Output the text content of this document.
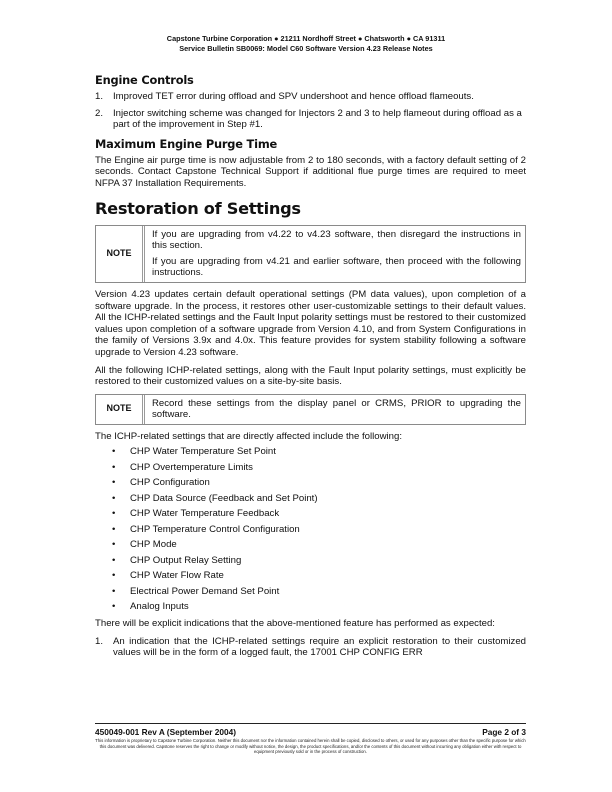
Capstone Turbine Corporation ● 21211 Nordhoff Street ● Chatsworth ● CA 91311
Service Bulletin SB0069: Model C60 Software Version 4.23 Release Notes
Engine Controls
1. Improved TET error during offload and SPV undershoot and hence offload flameouts.
2. Injector switching scheme was changed for Injectors 2 and 3 to help flameout during offload as a part of the improvement in Step #1.
Maximum Engine Purge Time

The Engine air purge time is now adjustable from 2 to 180 seconds, with a factory default setting of 2 seconds. Contact Capstone Technical Support if additional flue purge times are required to meet NFPA 37 Installation Requirements.

Restoration of Settings
NOTE

If you are upgrading from v4.22 to v4.23 software, then disregard the instructions in this section.

If you are upgrading from v4.21 and earlier software, then proceed with the following instructions.

Version 4.23 updates certain default operational settings (PM data values), upon completion of a software upgrade. In the process, it restores other user-customizable settings to their default values. All the ICHP-related settings and the Fault Input polarity settings must be restored to their customized values upon completion of a software upgrade from Version 4.10, and from System Configurations in the family of Versions 3.9x and 4.0x. This feature provides for system stability following a software upgrade to Version 4.23 software.

All the following ICHP-related settings, along with the Fault Input polarity settings, must explicitly be restored to their customized values on a site-by-site basis.

NOTE	Record these settings from the display panel or CRMS, PRIOR to upgrading the software.

The ICHP-related settings that are directly affected include the following:

• CHP Water Temperature Set Point
• CHP Overtemperature Limits
• CHP Configuration
• CHP Data Source (Feedback and Set Point)
• CHP Water Temperature Feedback
• CHP Temperature Control Configuration
• CHP Mode
• CHP Output Relay Setting
• CHP Water Flow Rate
• Electrical Power Demand Set Point
• Analog Inputs

There will be explicit indications that the above-mentioned feature has performed as expected:

1. An indication that the ICHP-related settings require an explicit restoration to their customized values will be in the form of a logged fault, the 17001 CHP CONFIG ERR
450049-001 Rev A (September 2004)	Page 2 of 3
This information is proprietary to Capstone Turbine Corporation. Neither this document nor the information contained herein shall be copied, disclosed to others, or used for any purposes other than the specific purpose for which this document was delivered. Capstone reserves the right to change or modify without notice, the design, the product specifications, and/or the contents of this document without incurring any obligation either with respect to equipment previously sold or in the process of construction.
